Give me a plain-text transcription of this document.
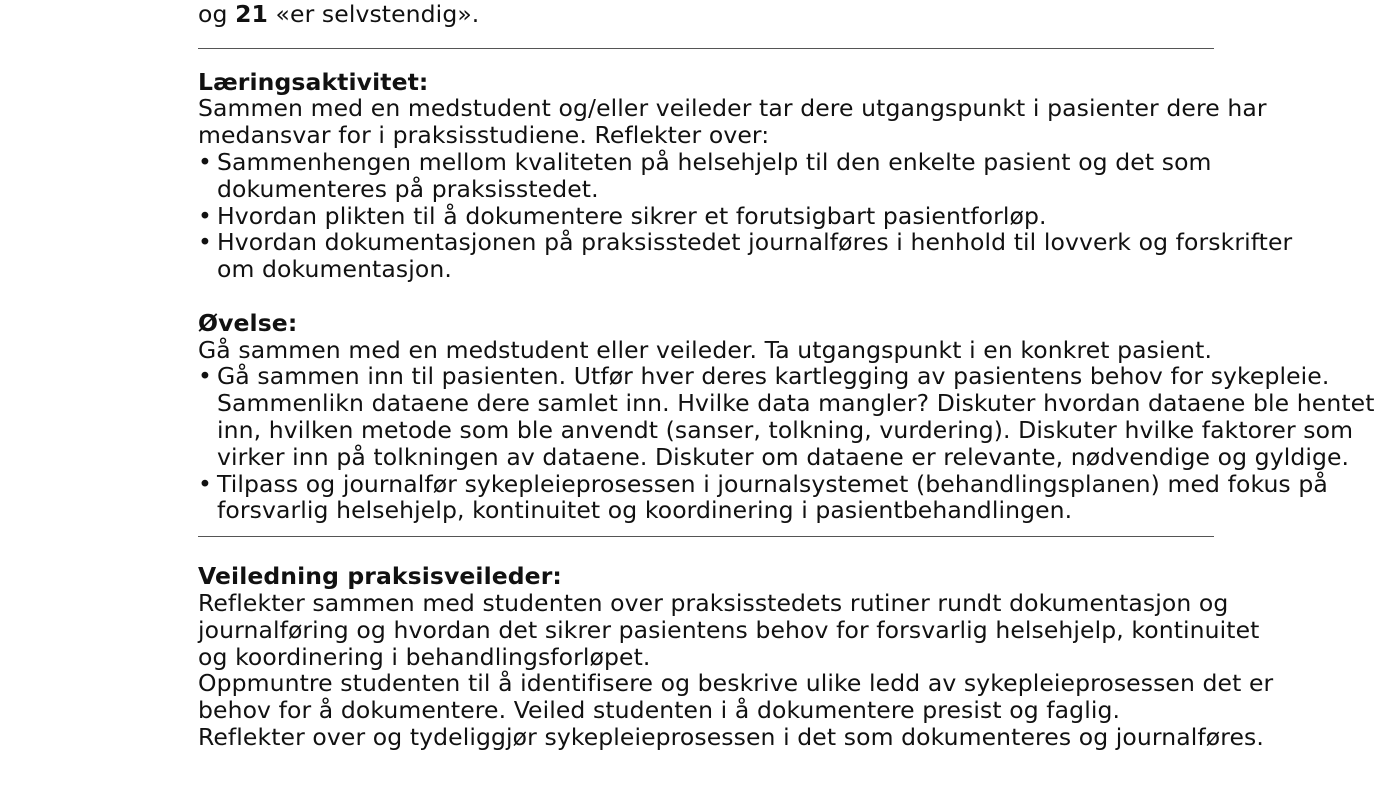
og 21 «er selvstendig».
Læringsaktivitet:
Sammen med en medstudent og/eller veileder tar dere utgangspunkt i pasienter dere har
medansvar for i praksisstudiene. Reflekter over:
• Sammenhengen mellom kvaliteten på helsehjelp til den enkelte pasient og det som
dokumenteres på praksisstedet.
• Hvordan plikten til å dokumentere sikrer et forutsigbart pasientforløp.
• Hvordan dokumentasjonen på praksisstedet journalføres i henhold til lovverk og forskrifter
om dokumentasjon.
Øvelse:
Gå sammen med en medstudent eller veileder. Ta utgangspunkt i en konkret pasient.
• Gå sammen inn til pasienten. Utfør hver deres kartlegging av pasientens behov for sykepleie.
Sammenlikn dataene dere samlet inn. Hvilke data mangler? Diskuter hvordan dataene ble hentet
inn, hvilken metode som ble anvendt (sanser, tolkning, vurdering). Diskuter hvilke faktorer som
virker inn på tolkningen av dataene. Diskuter om dataene er relevante, nødvendige og gyldige.
• Tilpass og journalfør sykepleieprosessen i journalsystemet (behandlingsplanen) med fokus på
forsvarlig helsehjelp, kontinuitet og koordinering i pasientbehandlingen.
Veiledning praksisveileder:
Reflekter sammen med studenten over praksisstedets rutiner rundt dokumentasjon og
journalføring og hvordan det sikrer pasientens behov for forsvarlig helsehjelp, kontinuitet
og koordinering i behandlingsforløpet.
Oppmuntre studenten til å identifisere og beskrive ulike ledd av sykepleieprosessen det er
behov for å dokumentere. Veiled studenten i å dokumentere presist og faglig.
Reflekter over og tydeliggjør sykepleieprosessen i det som dokumenteres og journalføres.
